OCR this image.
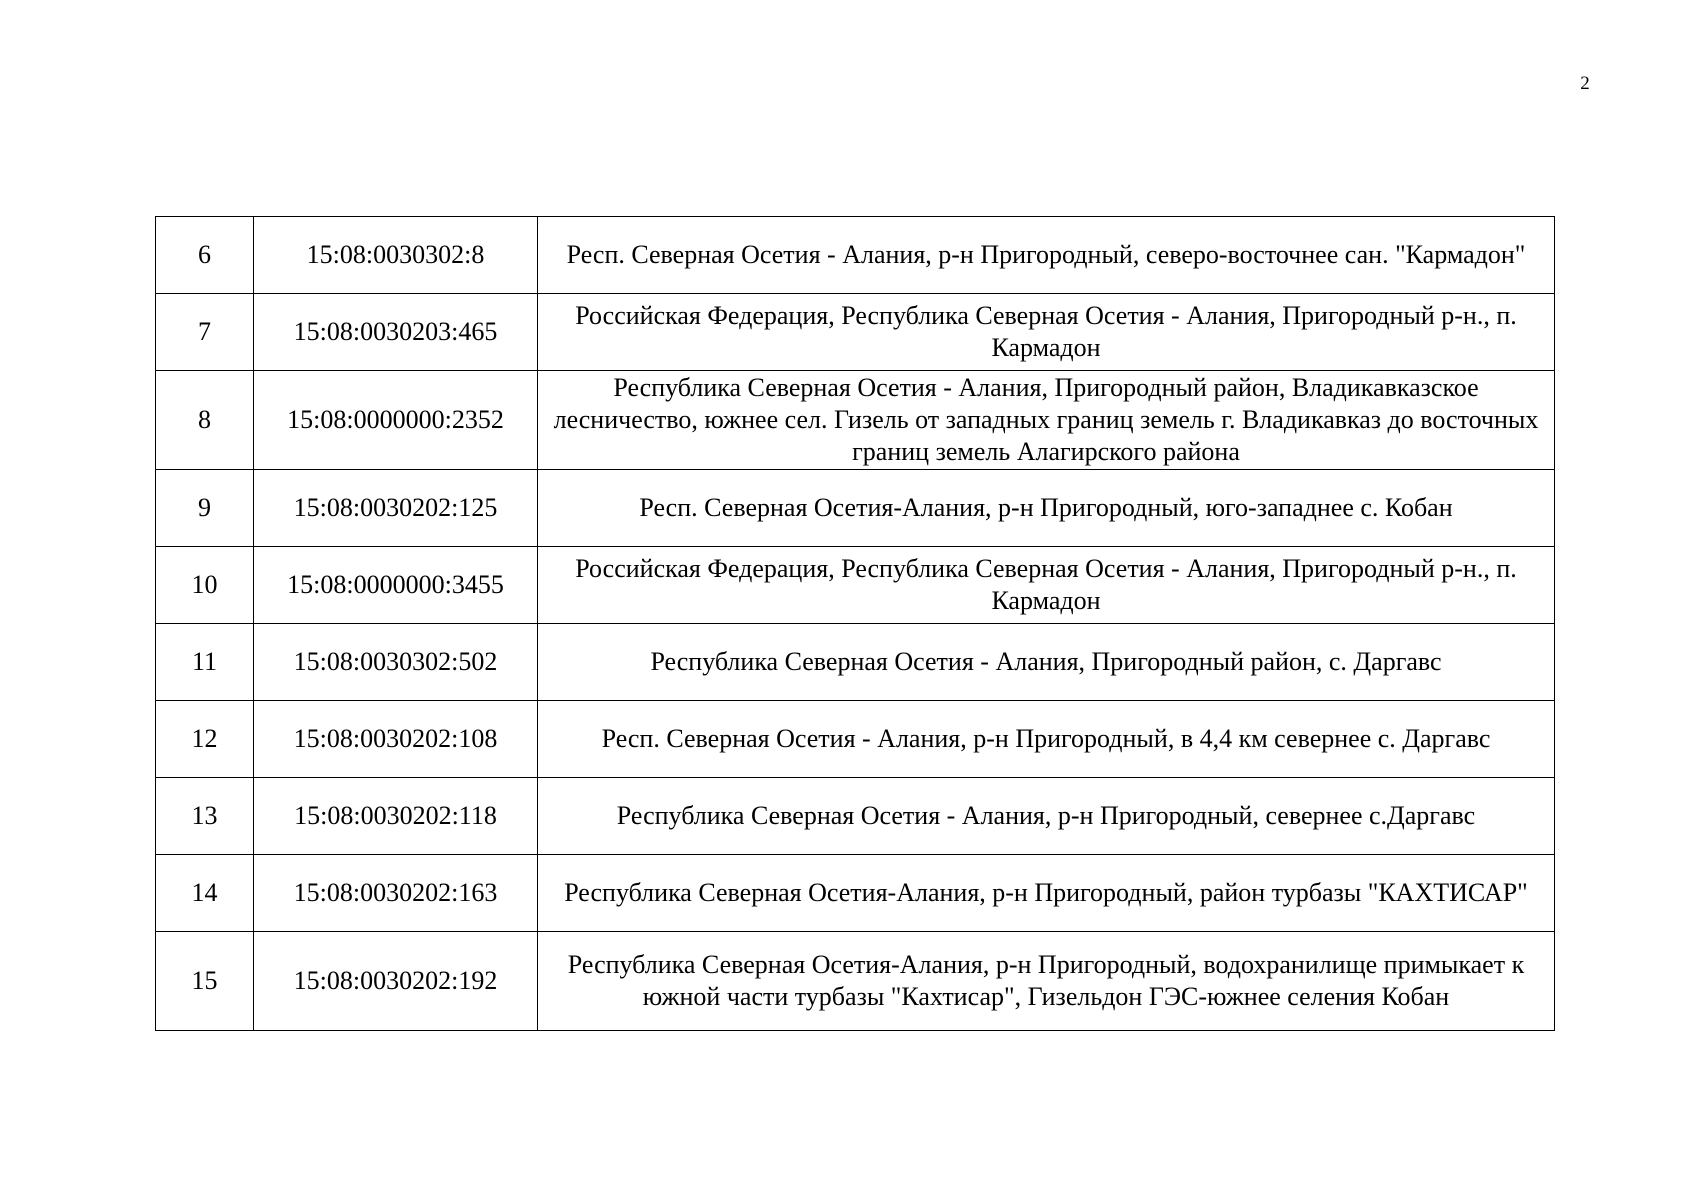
2
6	15:08:0030302:8	Респ. Северная Осетия - Алания, р-н Пригородный, северо-восточнее сан. "Кармадон"
7	15:08:0030203:465	Российская Федерация, Республика Северная Осетия - Алания, Пригородный р-н., п. Кармадон
8	15:08:0000000:2352	Республика Северная Осетия - Алания, Пригородный район, Владикавказское лесничество, южнее сел. Гизель от западных границ земель г. Владикавказ до восточных границ земель Алагирского района
9	15:08:0030202:125	Респ. Северная Осетия-Алания, р-н Пригородный, юго-западнее с. Кобан
10	15:08:0000000:3455	Российская Федерация, Республика Северная Осетия - Алания, Пригородный р-н., п. Кармадон
11	15:08:0030302:502	Республика Северная Осетия - Алания, Пригородный район, с. Даргавс
12	15:08:0030202:108	Респ. Северная Осетия - Алания, р-н Пригородный, в 4,4 км севернее с. Даргавс
13	15:08:0030202:118	Республика Северная Осетия - Алания, р-н Пригородный, севернее с.Даргавс
14	15:08:0030202:163	Республика Северная Осетия-Алания, р-н Пригородный, район турбазы "КАХТИСАР"
15	15:08:0030202:192	Республика Северная Осетия-Алания, р-н Пригородный, водохранилище примыкает к южной части турбазы "Кахтисар", Гизельдон ГЭС-южнее селения Кобан
